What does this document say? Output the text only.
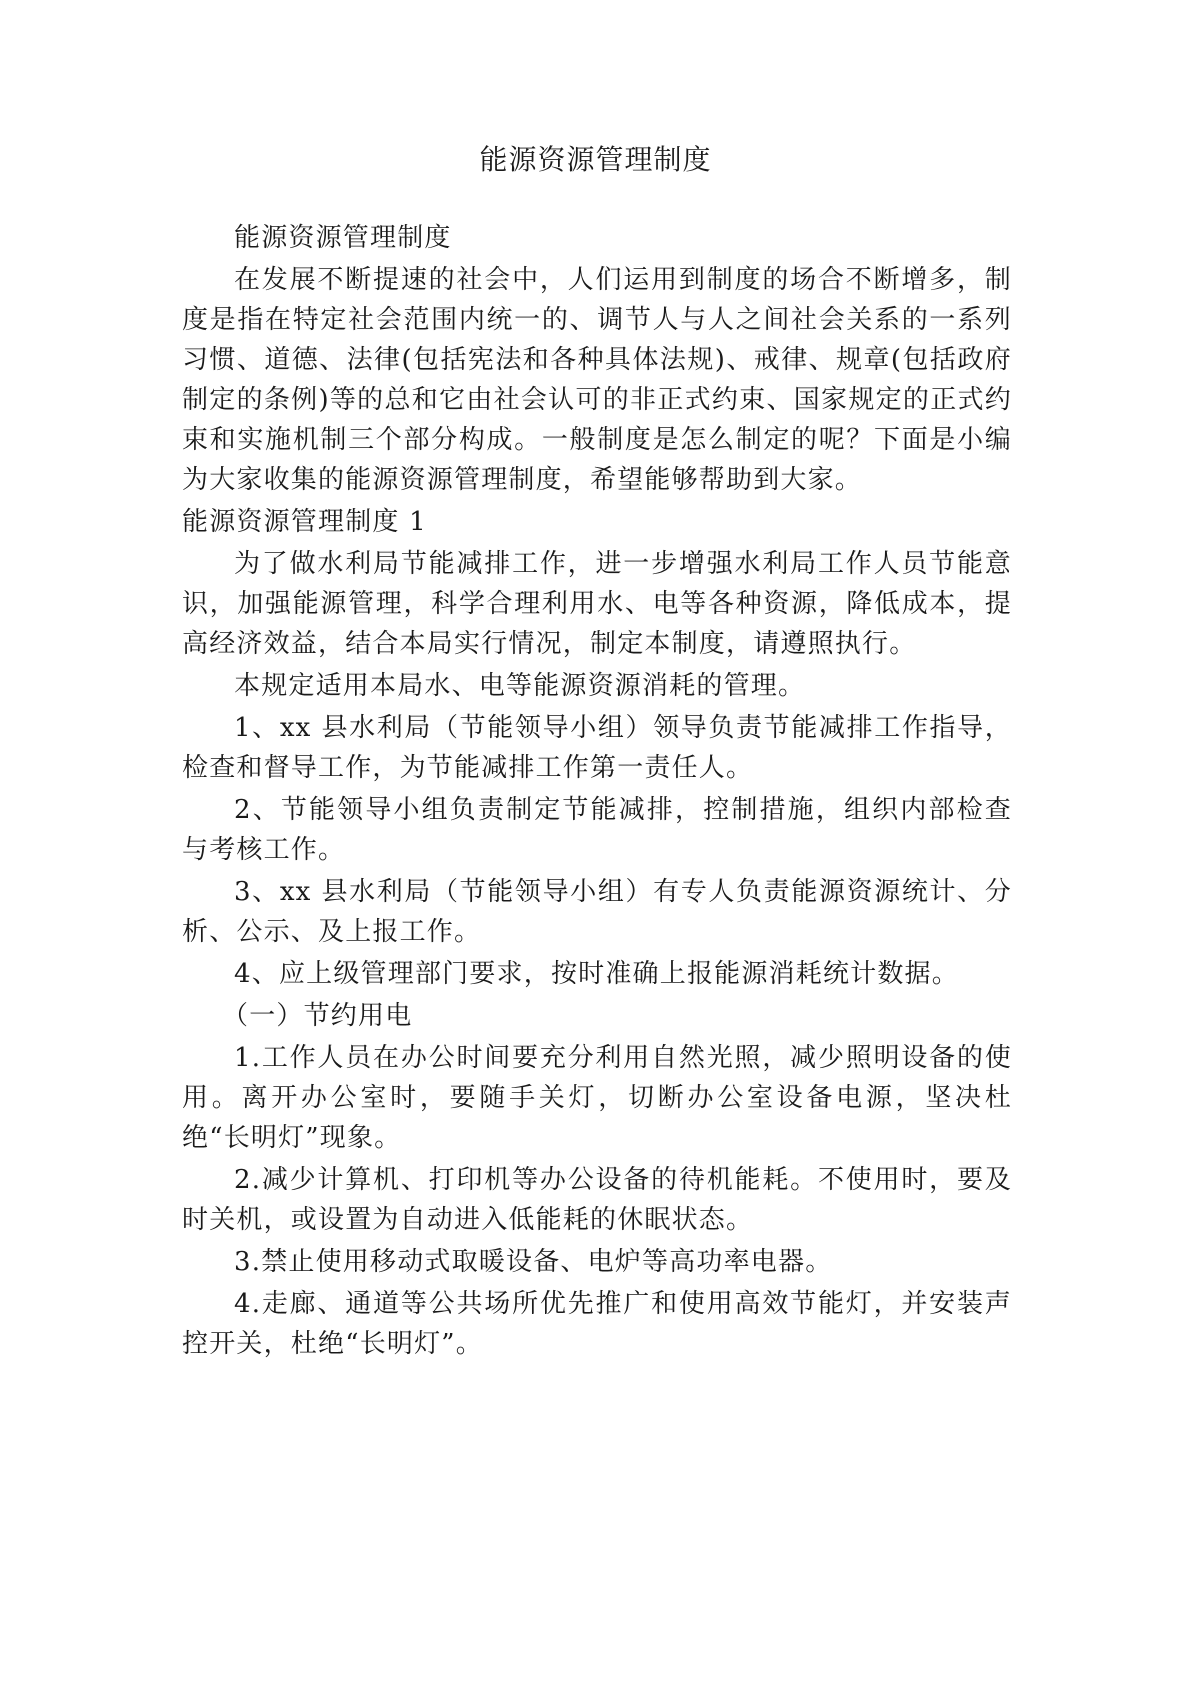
能源资源管理制度

能源资源管理制度

在发展不断提速的社会中，人们运用到制度的场合不断增多，制度是指在特定社会范围内统一的、调节人与人之间社会关系的一系列习惯、道德、法律(包括宪法和各种具体法规)、戒律、规章(包括政府制定的条例)等的总和它由社会认可的非正式约束、国家规定的正式约束和实施机制三个部分构成。一般制度是怎么制定的呢？下面是小编为大家收集的能源资源管理制度，希望能够帮助到大家。

能源资源管理制度 1

为了做水利局节能减排工作，进一步增强水利局工作人员节能意识，加强能源管理，科学合理利用水、电等各种资源，降低成本，提高经济效益，结合本局实行情况，制定本制度，请遵照执行。

本规定适用本局水、电等能源资源消耗的管理。

1、xx 县水利局（节能领导小组）领导负责节能减排工作指导，检查和督导工作，为节能减排工作第一责任人。

2、节能领导小组负责制定节能减排，控制措施，组织内部检查与考核工作。

3、xx 县水利局（节能领导小组）有专人负责能源资源统计、分析、公示、及上报工作。

4、应上级管理部门要求，按时准确上报能源消耗统计数据。

（一）节约用电

1.工作人员在办公时间要充分利用自然光照，减少照明设备的使用。离开办公室时，要随手关灯，切断办公室设备电源，坚决杜绝“长明灯”现象。

2.减少计算机、打印机等办公设备的待机能耗。不使用时，要及时关机，或设置为自动进入低能耗的休眠状态。

3.禁止使用移动式取暖设备、电炉等高功率电器。

4.走廊、通道等公共场所优先推广和使用高效节能灯，并安装声控开关，杜绝“长明灯”。
